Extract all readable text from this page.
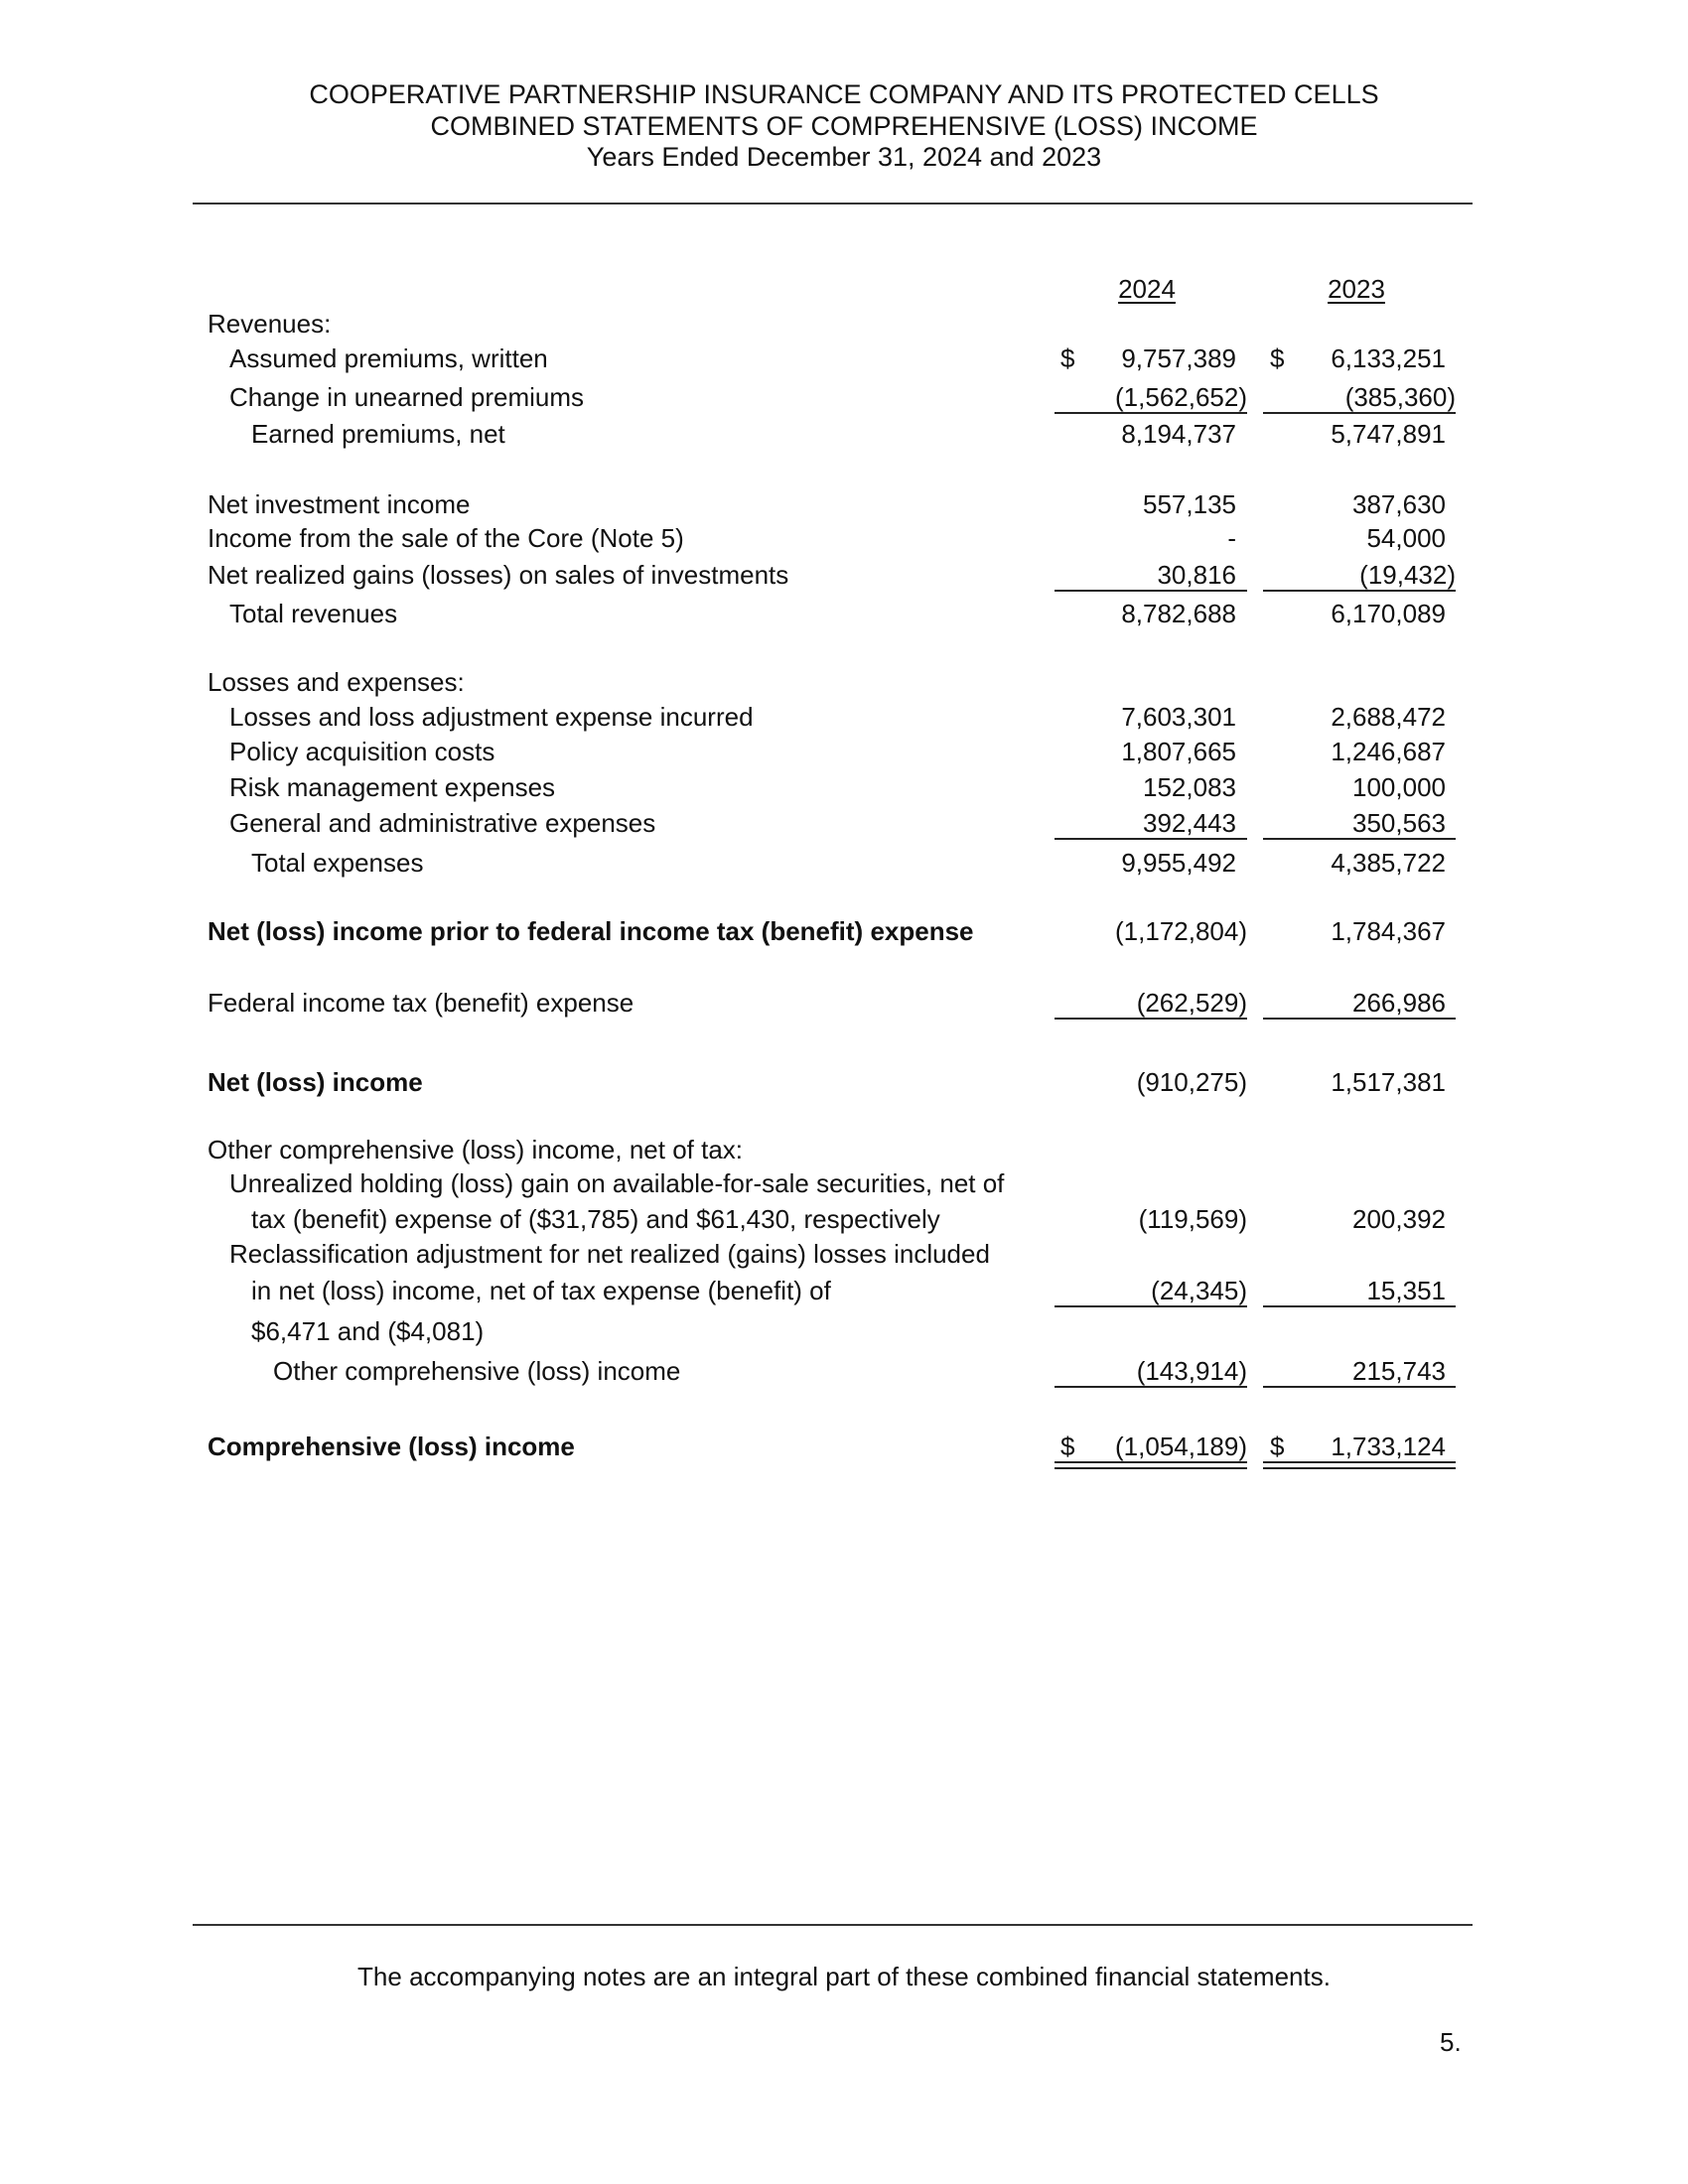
COOPERATIVE PARTNERSHIP INSURANCE COMPANY AND ITS PROTECTED CELLS
COMBINED STATEMENTS OF COMPREHENSIVE (LOSS) INCOME
Years Ended December 31, 2024 and 2023
2024	2023
Revenues:
Assumed premiums, written	$ 9,757,389 $ 6,133,251
Change in unearned premiums	(1,562,652)	(385,360)
Earned premiums, net	8,194,737	5,747,891
Net investment income	557,135	387,630
Income from the sale of the Core (Note 5)	-	54,000
Net realized gains (losses) on sales of investments	30,816	(19,432)
Total revenues	8,782,688	6,170,089
Losses and expenses:
Losses and loss adjustment expense incurred	7,603,301	2,688,472
Policy acquisition costs	1,807,665	1,246,687
Risk management expenses	152,083	100,000
General and administrative expenses	392,443	350,563
Total expenses	9,955,492	4,385,722
Net (loss) income prior to federal income tax (benefit) expense	(1,172,804)	1,784,367
Federal income tax (benefit) expense	(262,529)	266,986
Net (loss) income	(910,275)	1,517,381
Other comprehensive (loss) income, net of tax:
Unrealized holding (loss) gain on available-for-sale securities, net of
tax (benefit) expense of ($31,785) and $61,430, respectively	(119,569)	200,392
Reclassification adjustment for net realized (gains) losses included
in net (loss) income, net of tax expense (benefit) of	(24,345)	15,351
$6,471 and ($4,081)
Other comprehensive (loss) income	(143,914)	215,743
Comprehensive (loss) income	$ (1,054,189) $ 1,733,124
The accompanying notes are an integral part of these combined financial statements.
5.
